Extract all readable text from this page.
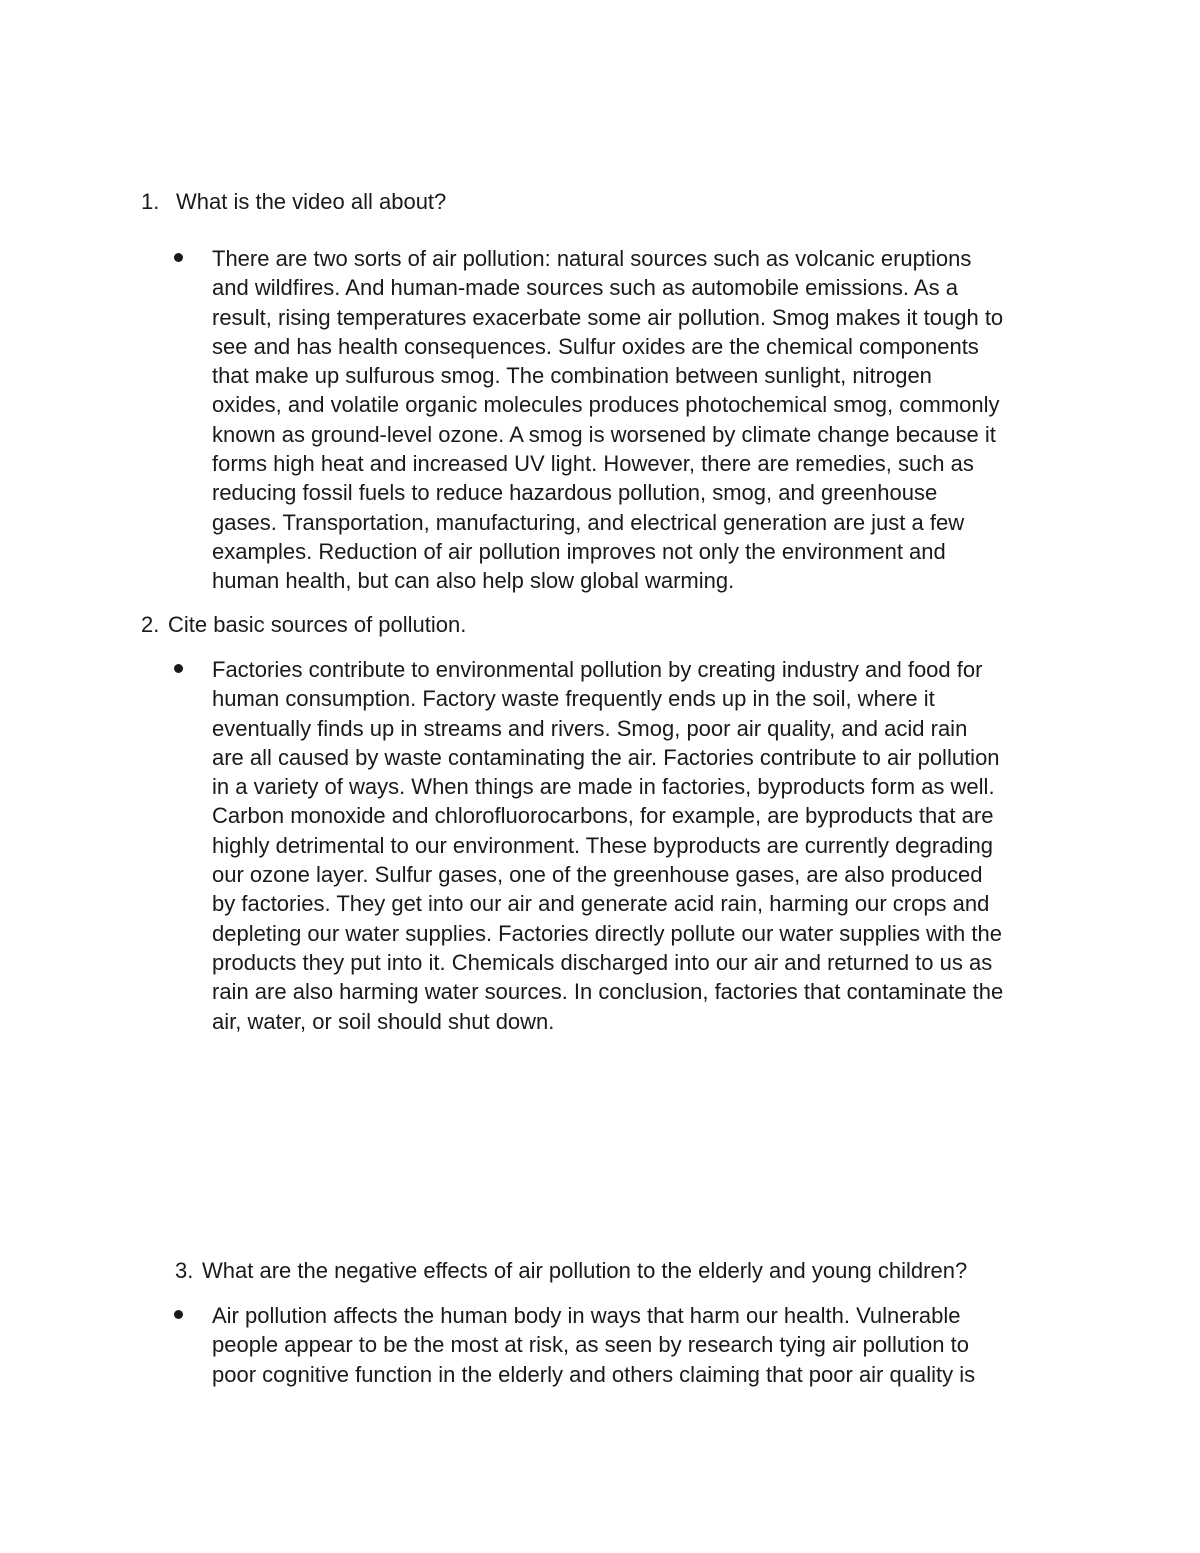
1. What is the video all about?
There are two sorts of air pollution: natural sources such as volcanic eruptions
and wildfires. And human-made sources such as automobile emissions. As a
result, rising temperatures exacerbate some air pollution. Smog makes it tough to
see and has health consequences. Sulfur oxides are the chemical components
that make up sulfurous smog. The combination between sunlight, nitrogen
oxides, and volatile organic molecules produces photochemical smog, commonly
known as ground-level ozone. A smog is worsened by climate change because it
forms high heat and increased UV light. However, there are remedies, such as
reducing fossil fuels to reduce hazardous pollution, smog, and greenhouse
gases. Transportation, manufacturing, and electrical generation are just a few
examples. Reduction of air pollution improves not only the environment and
human health, but can also help slow global warming.
2. Cite basic sources of pollution.
Factories contribute to environmental pollution by creating industry and food for
human consumption. Factory waste frequently ends up in the soil, where it
eventually finds up in streams and rivers. Smog, poor air quality, and acid rain
are all caused by waste contaminating the air. Factories contribute to air pollution
in a variety of ways. When things are made in factories, byproducts form as well.
Carbon monoxide and chlorofluorocarbons, for example, are byproducts that are
highly detrimental to our environment. These byproducts are currently degrading
our ozone layer. Sulfur gases, one of the greenhouse gases, are also produced
by factories. They get into our air and generate acid rain, harming our crops and
depleting our water supplies. Factories directly pollute our water supplies with the
products they put into it. Chemicals discharged into our air and returned to us as
rain are also harming water sources. In conclusion, factories that contaminate the
air, water, or soil should shut down.
3. What are the negative effects of air pollution to the elderly and young children?
Air pollution affects the human body in ways that harm our health. Vulnerable
people appear to be the most at risk, as seen by research tying air pollution to
poor cognitive function in the elderly and others claiming that poor air quality is
